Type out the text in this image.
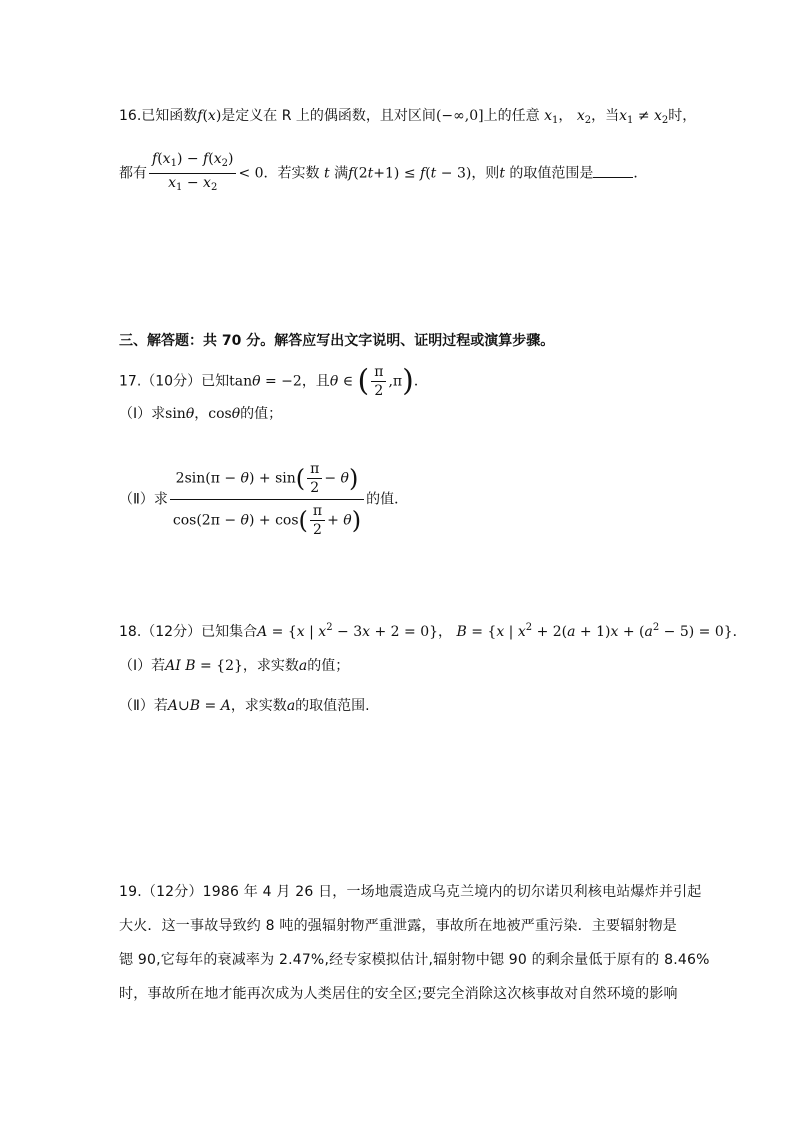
16.已知函数f(x)是定义在 R 上的偶函数，且对区间(−∞,0]上的任意 $x_1$， $x_2$，当$x_1 \ne x_2$时，
都有 $\frac{f(x_1) - f(x_2)}{x_1 - x_2} < 0$．若实数 t 满f(2t+1) ≤ f(t − 3)，则t 的取值范围是	．
三、解答题：共 70 分。解答应写出文字说明、证明过程或演算步骤。
17.（10分）已知tanθ = −2，且θ ∈ ( $\frac{\pi}{2} ,\pi$)．
（Ⅰ）求sinθ，cosθ的值；
（Ⅱ）求 $\frac{2\sin(\pi - \theta) + \sin( \frac{\pi}{2} - \theta)}{\cos(2\pi - \theta) + \cos( \frac{\pi}{2} + \theta)}$ 的值．
18.（12分）已知集合A = {x | $x^2 - 3x + 2 = 0$}， B = {x | $x^2 + 2(a + 1)x + (a^2 - 5) = 0$}．
（Ⅰ）若AI B = {2}，求实数a的值；
（Ⅱ）若A∪B = A，求实数a的取值范围.
19.（12分）1986 年 4 月 26 日，一场地震造成乌克兰境内的切尔诺贝利核电站爆炸并引起
大火．这一事故导致约 8 吨的强辐射物严重泄露，事故所在地被严重污染．主要辐射物是
锶 90,它每年的衰减率为 2.47%,经专家模拟估计,辐射物中锶 90 的剩余量低于原有的 8.46%
时，事故所在地才能再次成为人类居住的安全区;要完全消除这次核事故对自然环境的影响
